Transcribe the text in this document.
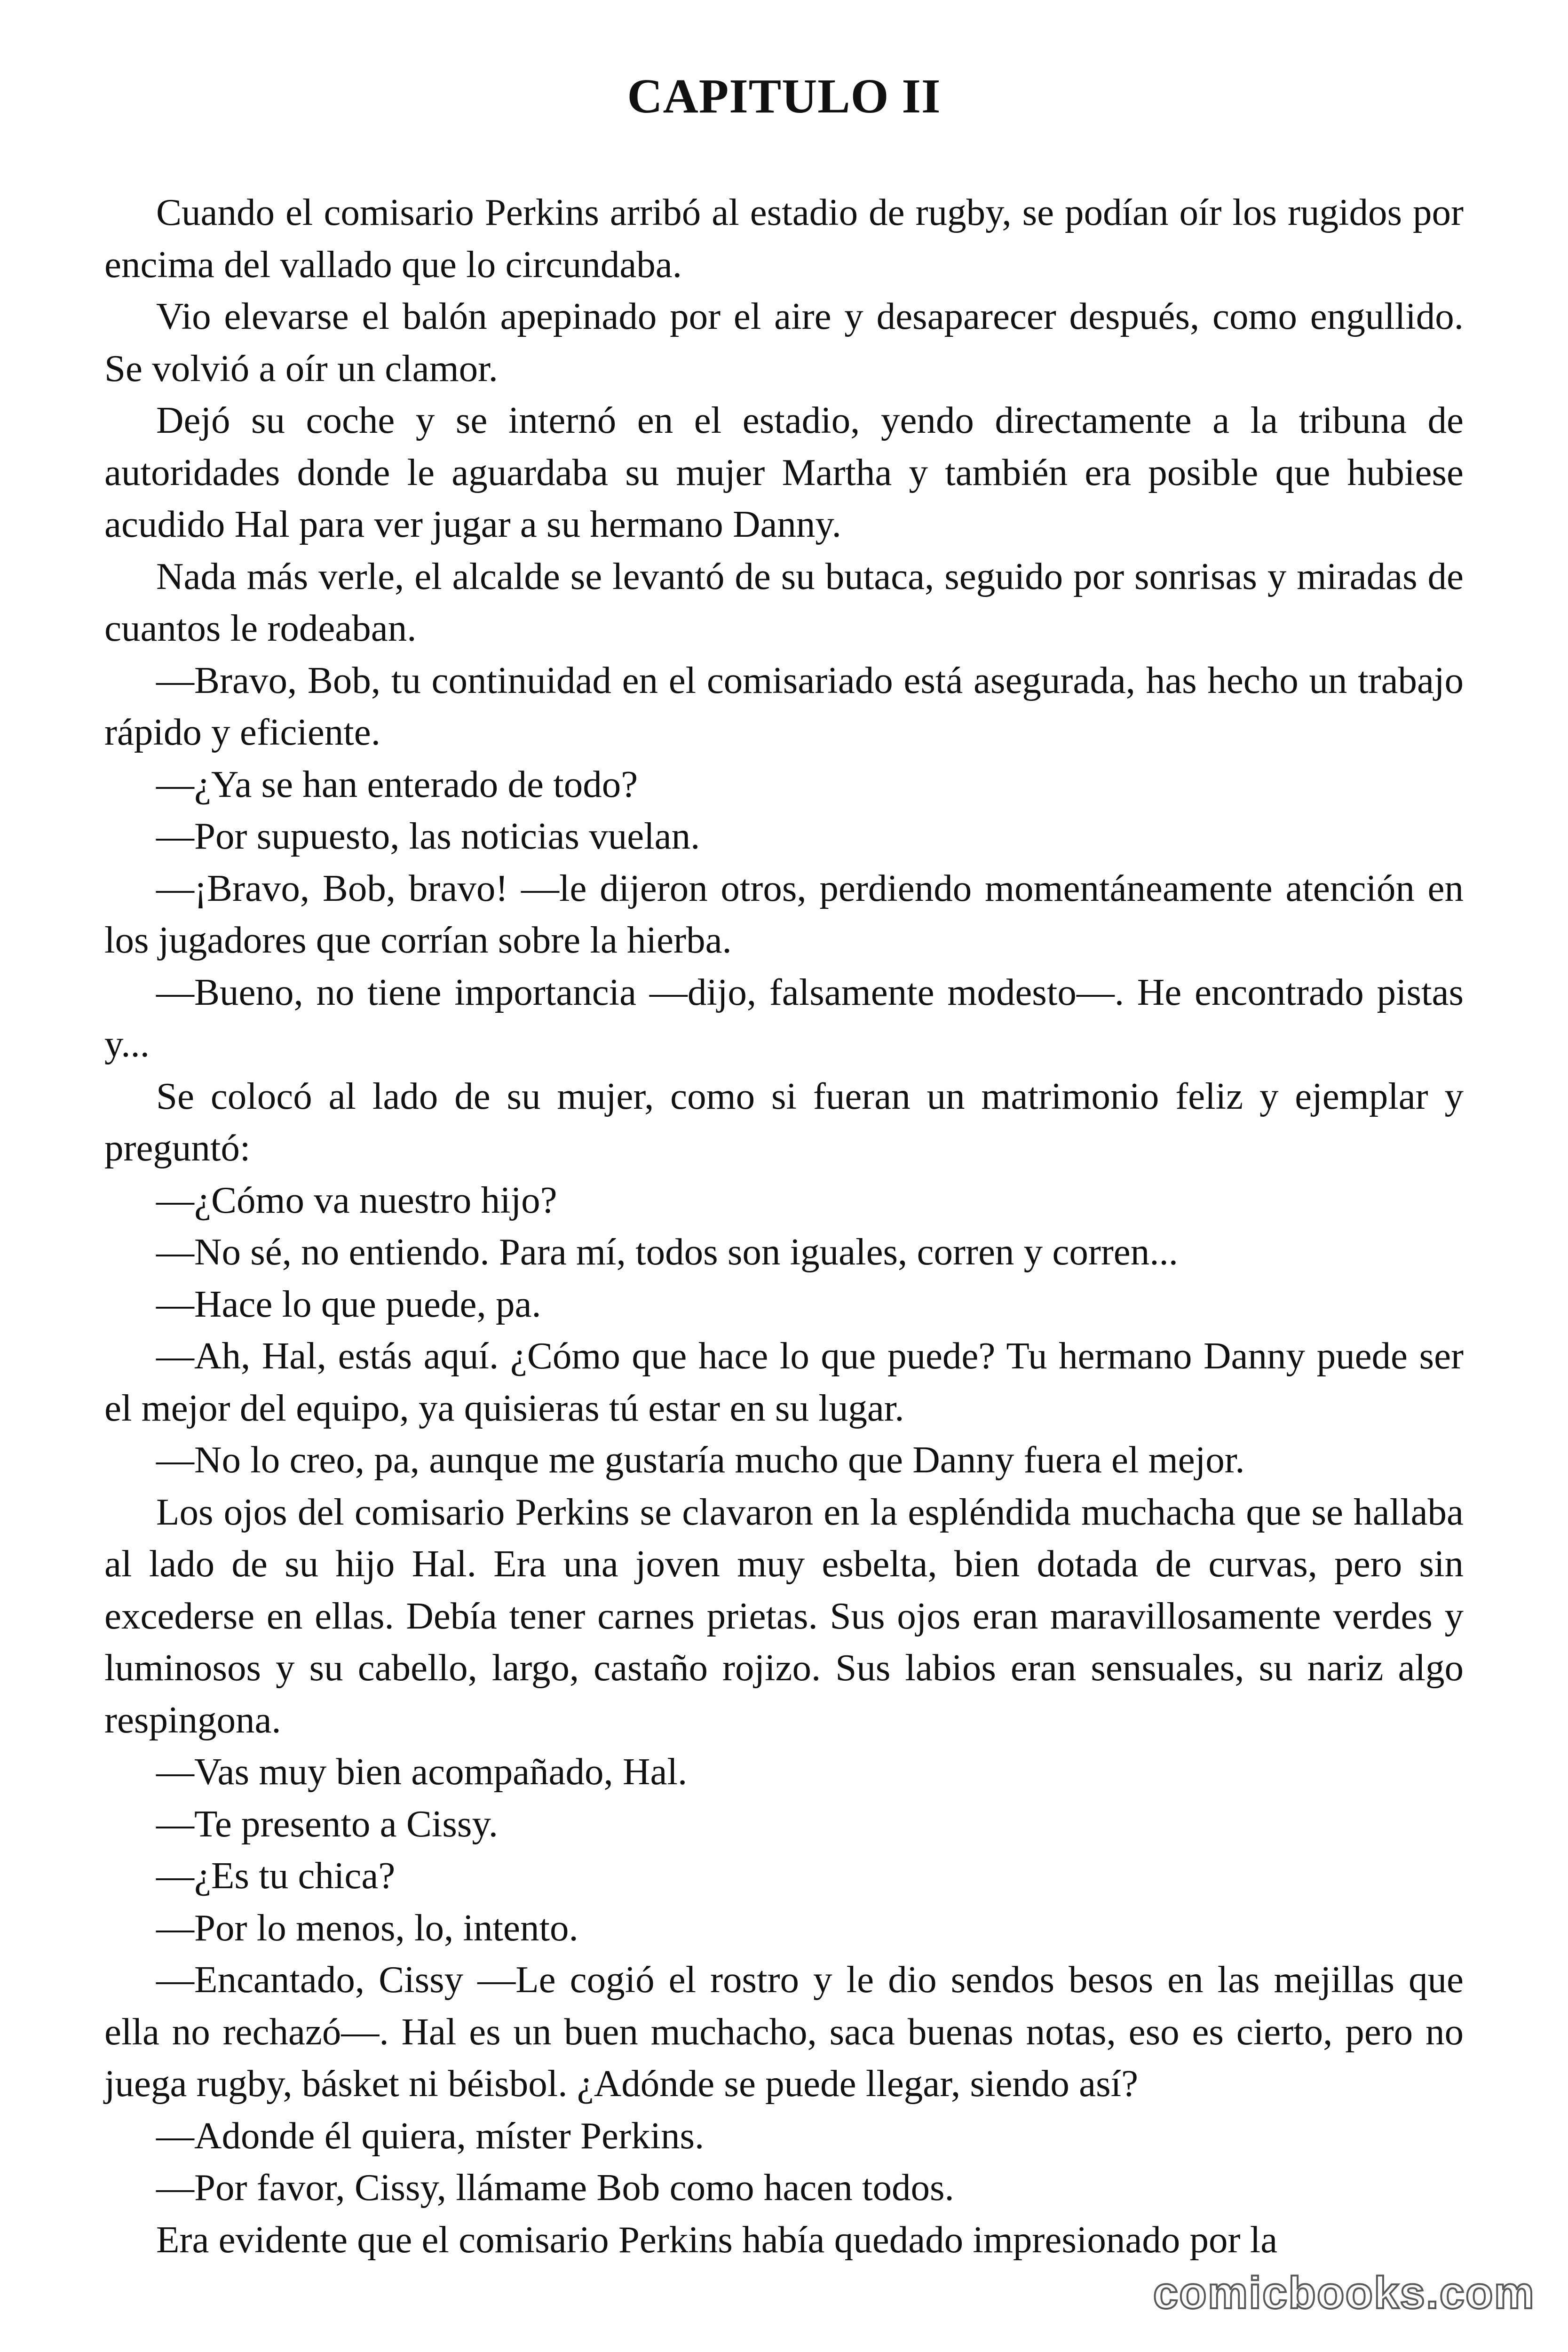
CAPITULO II

Cuando el comisario Perkins arribó al estadio de rugby, se podían oír los rugidos por encima del vallado que lo circundaba.

Vio elevarse el balón apepinado por el aire y desaparecer después, como engullido. Se volvió a oír un clamor.

Dejó su coche y se internó en el estadio, yendo directamente a la tribuna de autoridades donde le aguardaba su mujer Martha y también era posible que hubiese acudido Hal para ver jugar a su hermano Danny.

Nada más verle, el alcalde se levantó de su butaca, seguido por sonrisas y miradas de cuantos le rodeaban.

—Bravo, Bob, tu continuidad en el comisariado está asegurada, has hecho un trabajo rápido y eficiente.

—¿Ya se han enterado de todo?

—Por supuesto, las noticias vuelan.

—¡Bravo, Bob, bravo! —le dijeron otros, perdiendo momentáneamente atención en los jugadores que corrían sobre la hierba.

—Bueno, no tiene importancia —dijo, falsamente modesto—. He encontrado pistas y...

Se colocó al lado de su mujer, como si fueran un matrimonio feliz y ejemplar y preguntó:

—¿Cómo va nuestro hijo?

—No sé, no entiendo. Para mí, todos son iguales, corren y corren...

—Hace lo que puede, pa.

—Ah, Hal, estás aquí. ¿Cómo que hace lo que puede? Tu hermano Danny puede ser el mejor del equipo, ya quisieras tú estar en su lugar.

—No lo creo, pa, aunque me gustaría mucho que Danny fuera el mejor.

Los ojos del comisario Perkins se clavaron en la espléndida muchacha que se hallaba al lado de su hijo Hal. Era una joven muy esbelta, bien dotada de curvas, pero sin excederse en ellas. Debía tener carnes prietas. Sus ojos eran maravillosamente verdes y luminosos y su cabello, largo, castaño rojizo. Sus labios eran sensuales, su nariz algo respingona.

—Vas muy bien acompañado, Hal.

—Te presento a Cissy.

—¿Es tu chica?

—Por lo menos, lo, intento.

—Encantado, Cissy —Le cogió el rostro y le dio sendos besos en las mejillas que ella no rechazó—. Hal es un buen muchacho, saca buenas notas, eso es cierto, pero no juega rugby, básket ni béisbol. ¿Adónde se puede llegar, siendo así?

—Adonde él quiera, míster Perkins.

—Por favor, Cissy, llámame Bob como hacen todos.

Era evidente que el comisario Perkins había quedado impresionado por la

comicbooks.com
